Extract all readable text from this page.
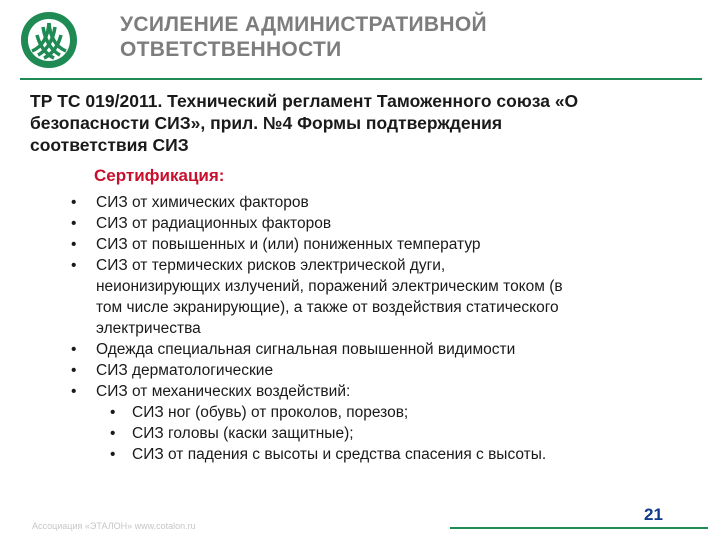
УСИЛЕНИЕ АДМИНИСТРАТИВНОЙ
ОТВЕТСТВЕННОСТИ

ТР ТС 019/2011. Технический регламент Таможенного союза «О
безопасности СИЗ», прил. №4 Формы подтверждения
соответствия СИЗ

Сертификация:
• СИЗ от химических факторов
• СИЗ от радиационных факторов
• СИЗ от повышенных и (или) пониженных температур
• СИЗ от термических рисков электрической дуги,
неионизирующих излучений, поражений электрическим током (в
том числе экранирующие), а также от воздействия статического
электричества
• Одежда специальная сигнальная повышенной видимости
• СИЗ дерматологические
• СИЗ от механических воздействий:
• СИЗ ног (обувь) от проколов, порезов;
• СИЗ головы (каски защитные);
• СИЗ от падения с высоты и средства спасения с высоты.
Ассоциация «ЭТАЛОН» www.cotalon.ru
21
